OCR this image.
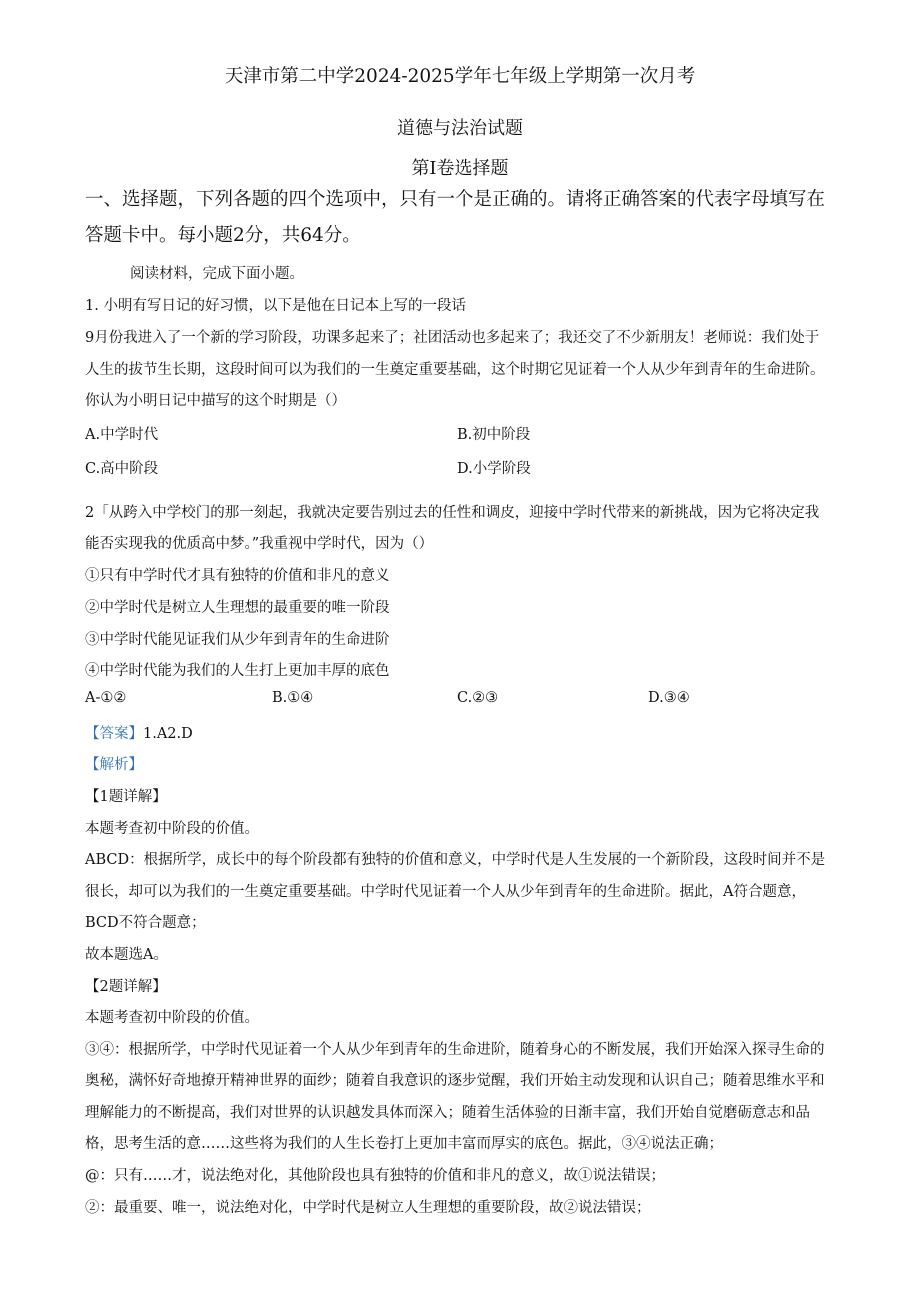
天津市第二中学2024-2025学年七年级上学期第一次月考
道德与法治试题
第Ⅰ卷选择题
一、选择题，下列各题的四个选项中，只有一个是正确的。请将正确答案的代表字母填写在
答题卡中。每小题2分，共64分。
阅读材料，完成下面小题。
1. 小明有写日记的好习惯，以下是他在日记本上写的一段话
9月份我进入了一个新的学习阶段，功课多起来了；社团活动也多起来了；我还交了不少新朋友！老师说：我们处于
人生的拔节生长期，这段时间可以为我们的一生奠定重要基础，这个时期它见证着一个人从少年到青年的生命进阶。
你认为小明日记中描写的这个时期是（）
A.中学时代	B.初中阶段
C.高中阶段	D.小学阶段
2「从跨入中学校门的那一刻起，我就决定要告别过去的任性和调皮，迎接中学时代带来的新挑战，因为它将决定我
能否实现我的优质高中梦。”我重视中学时代，因为（）
①只有中学时代才具有独特的价值和非凡的意义
②中学时代是树立人生理想的最重要的唯一阶段
③中学时代能见证我们从少年到青年的生命进阶
④中学时代能为我们的人生打上更加丰厚的底色
A-①②	B.①④	C.②③	D.③④
【答案】1.A2.D
【解析】
【1题详解】
本题考查初中阶段的价值。
ABCD：根据所学，成长中的每个阶段都有独特的价值和意义，中学时代是人生发展的一个新阶段，这段时间并不是
很长，却可以为我们的一生奠定重要基础。中学时代见证着一个人从少年到青年的生命进阶。据此，A符合题意，
BCD不符合题意；
故本题选A。
【2题详解】
本题考查初中阶段的价值。
③④：根据所学，中学时代见证着一个人从少年到青年的生命进阶，随着身心的不断发展，我们开始深入探寻生命的
奥秘，满怀好奇地撩开精神世界的面纱；随着自我意识的逐步觉醒，我们开始主动发现和认识自己；随着思维水平和
理解能力的不断提高，我们对世界的认识越发具体而深入；随着生活体验的日渐丰富，我们开始自觉磨砺意志和品
格，思考生活的意……这些将为我们的人生长卷打上更加丰富而厚实的底色。据此，③④说法正确；
@：只有……才，说法绝对化，其他阶段也具有独特的价值和非凡的意义，故①说法错误；
②：最重要、唯一，说法绝对化，中学时代是树立人生理想的重要阶段，故②说法错误；
